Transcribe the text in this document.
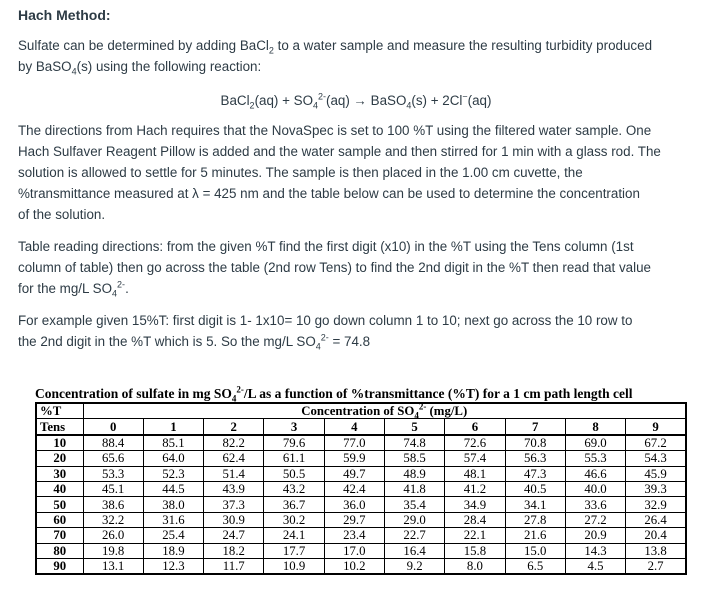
Hach Method:
Sulfate can be determined by adding BaCl$_2$ to a water sample and measure the resulting turbidity produced
by BaSO$_4$(s) using the following reaction:
BaCl$_2$(aq) + $SO_4^{2-}(aq)$ → BaSO$_4$(s) + 2Cl−(aq)
The directions from Hach requires that the NovaSpec is set to 100 %T using the filtered water sample. One
Hach Sulfaver Reagent Pillow is added and the water sample and then stirred for 1 min with a glass rod. The
solution is allowed to settle for 5 minutes. The sample is then placed in the 1.00 cm cuvette, the
%transmittance measured at λ = 425 nm and the table below can be used to determine the concentration
of the solution.
Table reading directions: from the given %T find the first digit (x10) in the %T using the Tens column (1st
column of table) then go across the table (2nd row Tens) to find the 2nd digit in the %T then read that value
for the mg/L $SO_4^{2-}$.
For example given 15%T: first digit is 1- 1x10= 10 go down column 1 to 10; next go across the 10 row to
the 2nd digit in the %T which is 5. So the mg/L $SO_4^{2-} = 74.8$
Concentration of sulfate in mg $SO_4^{2-}/L$ as a function of %transmittance (%T) for a 1 cm path length cell
%T	Concentration of $SO_4^{2-}$ (mg/L)									
Tens	0	1	2	3	4	5	6	7	8	9
10	88.4	85.1	82.2	79.6	77.0	74.8	72.6	70.8	69.0	67.2
20	65.6	64.0	62.4	61.1	59.9	58.5	57.4	56.3	55.3	54.3
30	53.3	52.3	51.4	50.5	49.7	48.9	48.1	47.3	46.6	45.9
40	45.1	44.5	43.9	43.2	42.4	41.8	41.2	40.5	40.0	39.3
50	38.6	38.0	37.3	36.7	36.0	35.4	34.9	34.1	33.6	32.9
60	32.2	31.6	30.9	30.2	29.7	29.0	28.4	27.8	27.2	26.4
70	26.0	25.4	24.7	24.1	23.4	22.7	22.1	21.6	20.9	20.4
80	19.8	18.9	18.2	17.7	17.0	16.4	15.8	15.0	14.3	13.8
90	13.1	12.3	11.7	10.9	10.2	9.2	8.0	6.5	4.5	2.7
